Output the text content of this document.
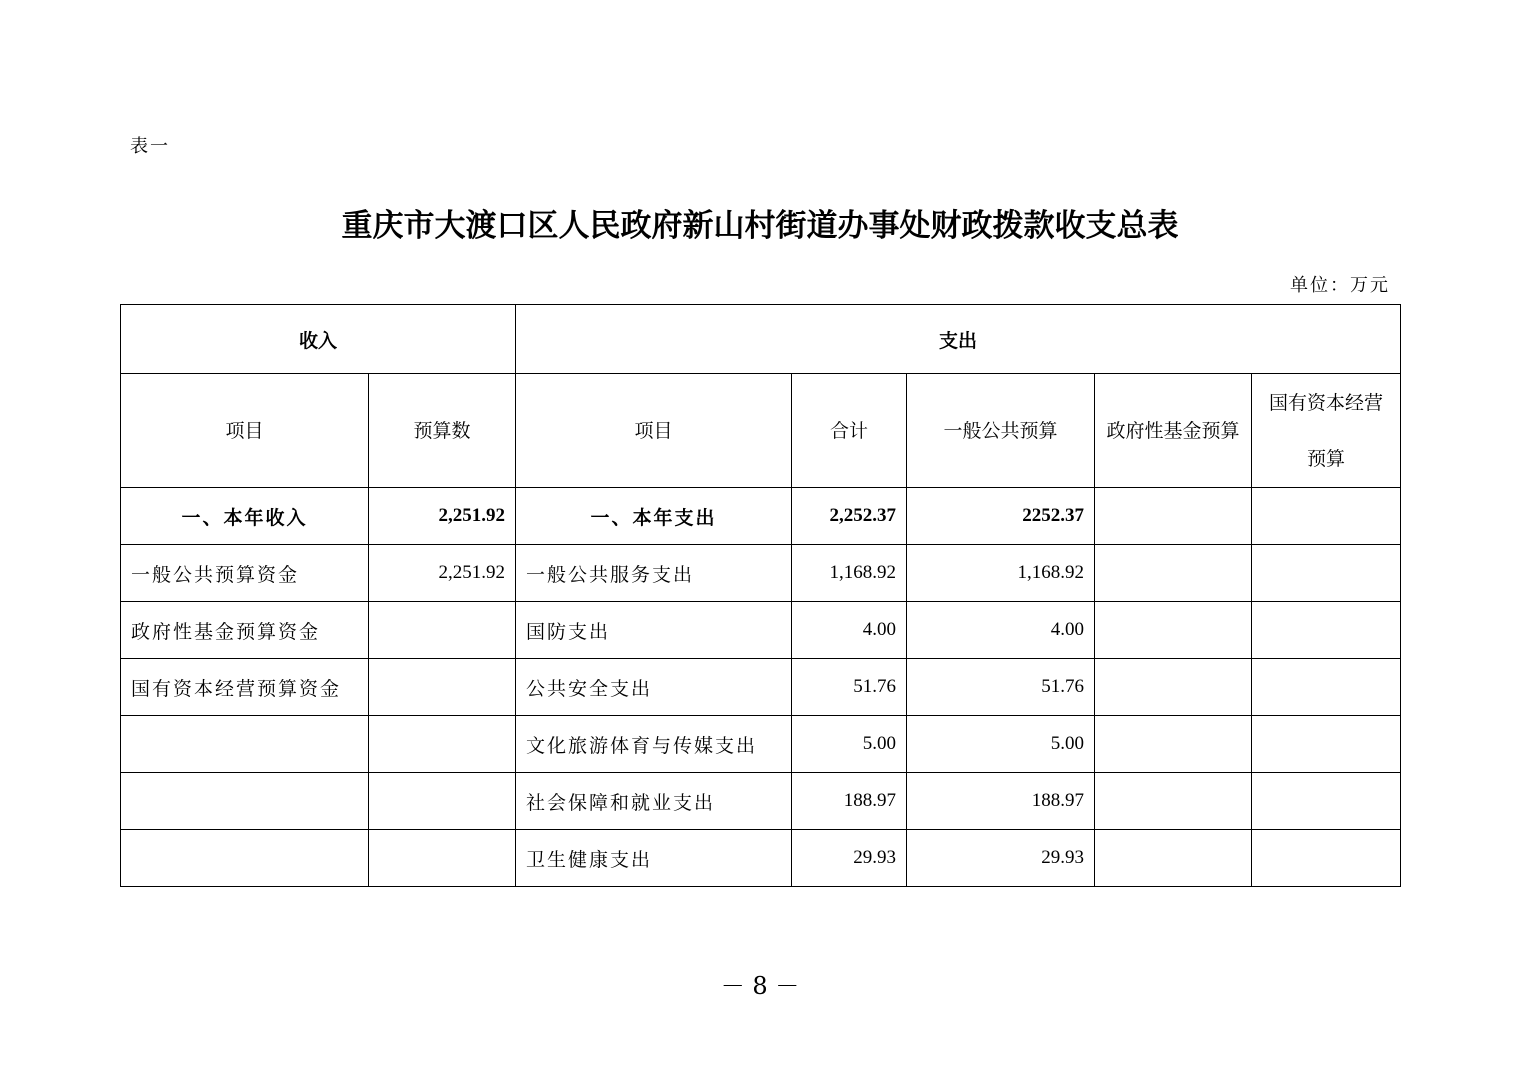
表一
重庆市大渡口区人民政府新山村街道办事处财政拨款收支总表
单位：万元
收入		支出				
项目	预算数	项目	合计	一般公共预算	政府性基金预算	国有资本经营预算
一、本年收入	2,251.92	一、本年支出	2,252.37	2252.37		
一般公共预算资金	2,251.92	一般公共服务支出	1,168.92	1,168.92		
政府性基金预算资金		国防支出	4.00	4.00		
国有资本经营预算资金		公共安全支出	51.76	51.76		
		文化旅游体育与传媒支出	5.00	5.00		
		社会保障和就业支出	188.97	188.97		
		卫生健康支出	29.93	29.93		
－ 8 －
